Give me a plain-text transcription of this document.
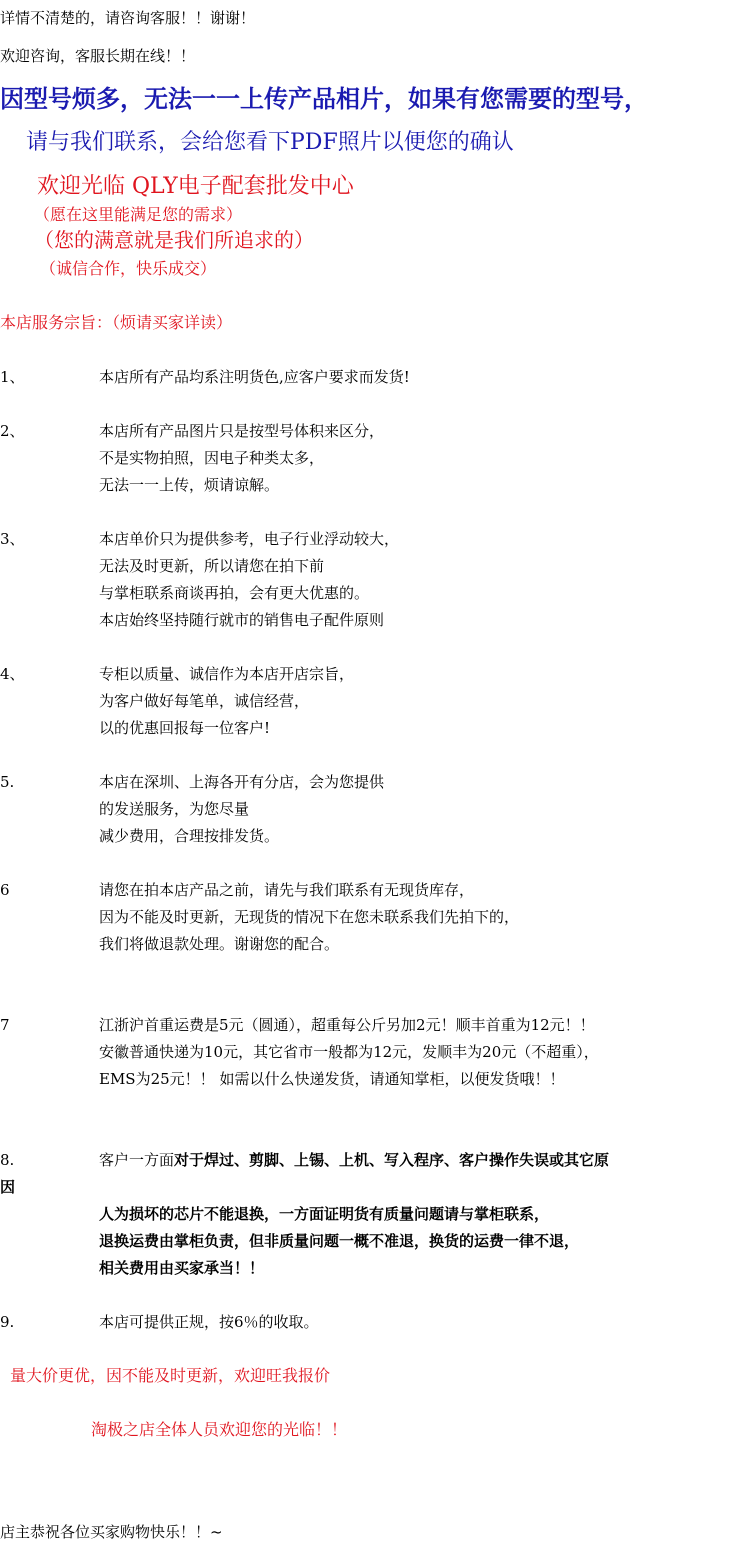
详情不清楚的，请咨询客服！！谢谢！
欢迎咨询，客服长期在线！！
因型号烦多，无法一一上传产品相片，如果有您需要的型号，
请与我们联系，会给您看下PDF照片以便您的确认
欢迎光临 QLY电子配套批发中心
（愿在这里能满足您的需求）
（您的满意就是我们所追求的）
（诚信合作，快乐成交）
本店服务宗旨：（烦请买家详读）
1、	本店所有产品均系注明货色,应客户要求而发货!
2、	本店所有产品图片只是按型号体积来区分，
不是实物拍照，因电子种类太多，
无法一一上传，烦请谅解。
3、	本店单价只为提供参考，电子行业浮动较大，
无法及时更新，所以请您在拍下前
与掌柜联系商谈再拍，会有更大优惠的。
本店始终坚持随行就市的销售电子配件原则
4、	专柜以质量、诚信作为本店开店宗旨，
为客户做好每笔单，诚信经营，
以的优惠回报每一位客户!
5.	本店在深圳、上海各开有分店，会为您提供
的发送服务，为您尽量
减少费用，合理按排发货。
6	请您在拍本店产品之前，请先与我们联系有无现货库存，
因为不能及时更新，无现货的情况下在您未联系我们先拍下的，
我们将做退款处理。谢谢您的配合。
7	江浙沪首重运费是5元（圆通），超重每公斤另加2元！顺丰首重为12元！！
安徽普通快递为10元，其它省市一般都为12元，发顺丰为20元（不超重），
EMS为25元！！ 如需以什么快递发货，请通知掌柜，以便发货哦！！
8.	客户一方面对于焊过、剪脚、上锡、上机、写入程序、客户操作失误或其它原
因
人为损坏的芯片不能退换，一方面证明货有质量问题请与掌柜联系，
退换运费由掌柜负责，但非质量问题一概不准退，换货的运费一律不退，
相关费用由买家承当！！
9.	本店可提供正规，按6％的收取。
量大价更优，因不能及时更新，欢迎旺我报价
淘极之店全体人员欢迎您的光临！！
店主恭祝各位买家购物快乐！！~
